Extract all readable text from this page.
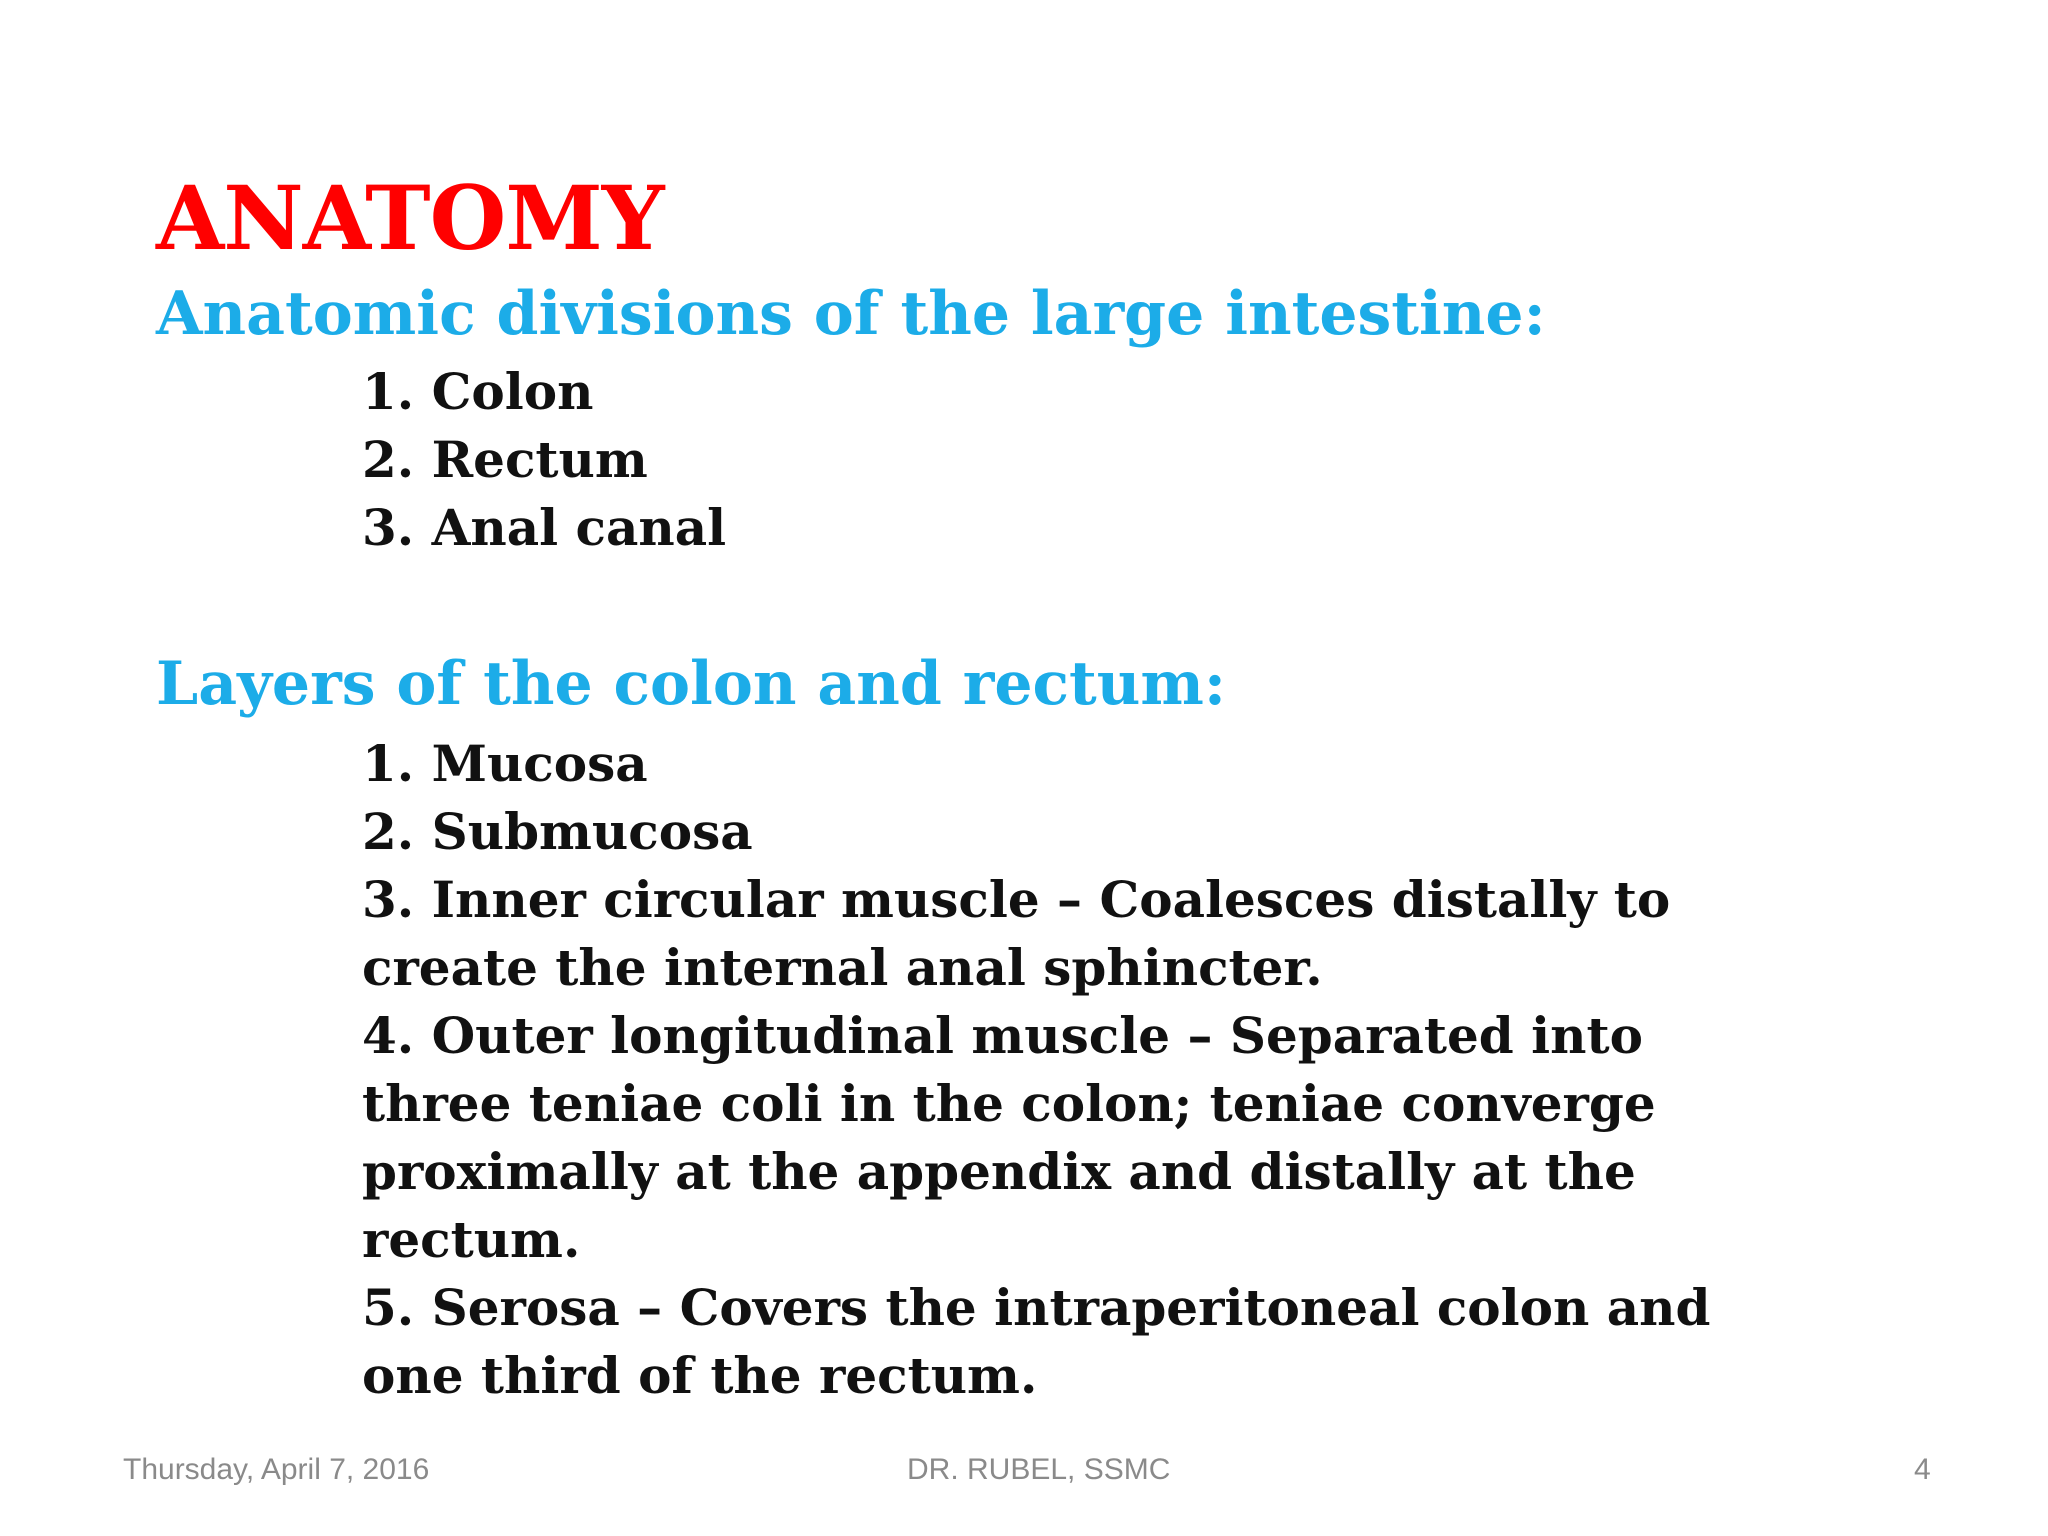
ANATOMY
Anatomic divisions of the large intestine:
1. Colon
2. Rectum
3. Anal canal
Layers of the colon and rectum:
1. Mucosa
2. Submucosa
3. Inner circular muscle – Coalesces distally to create the internal anal sphincter.
4. Outer longitudinal muscle – Separated into three teniae coli in the colon; teniae converge proximally at the appendix and distally at the rectum.
5. Serosa – Covers the intraperitoneal colon and one third of the rectum.
Thursday, April 7, 2016	DR. RUBEL, SSMC	4
